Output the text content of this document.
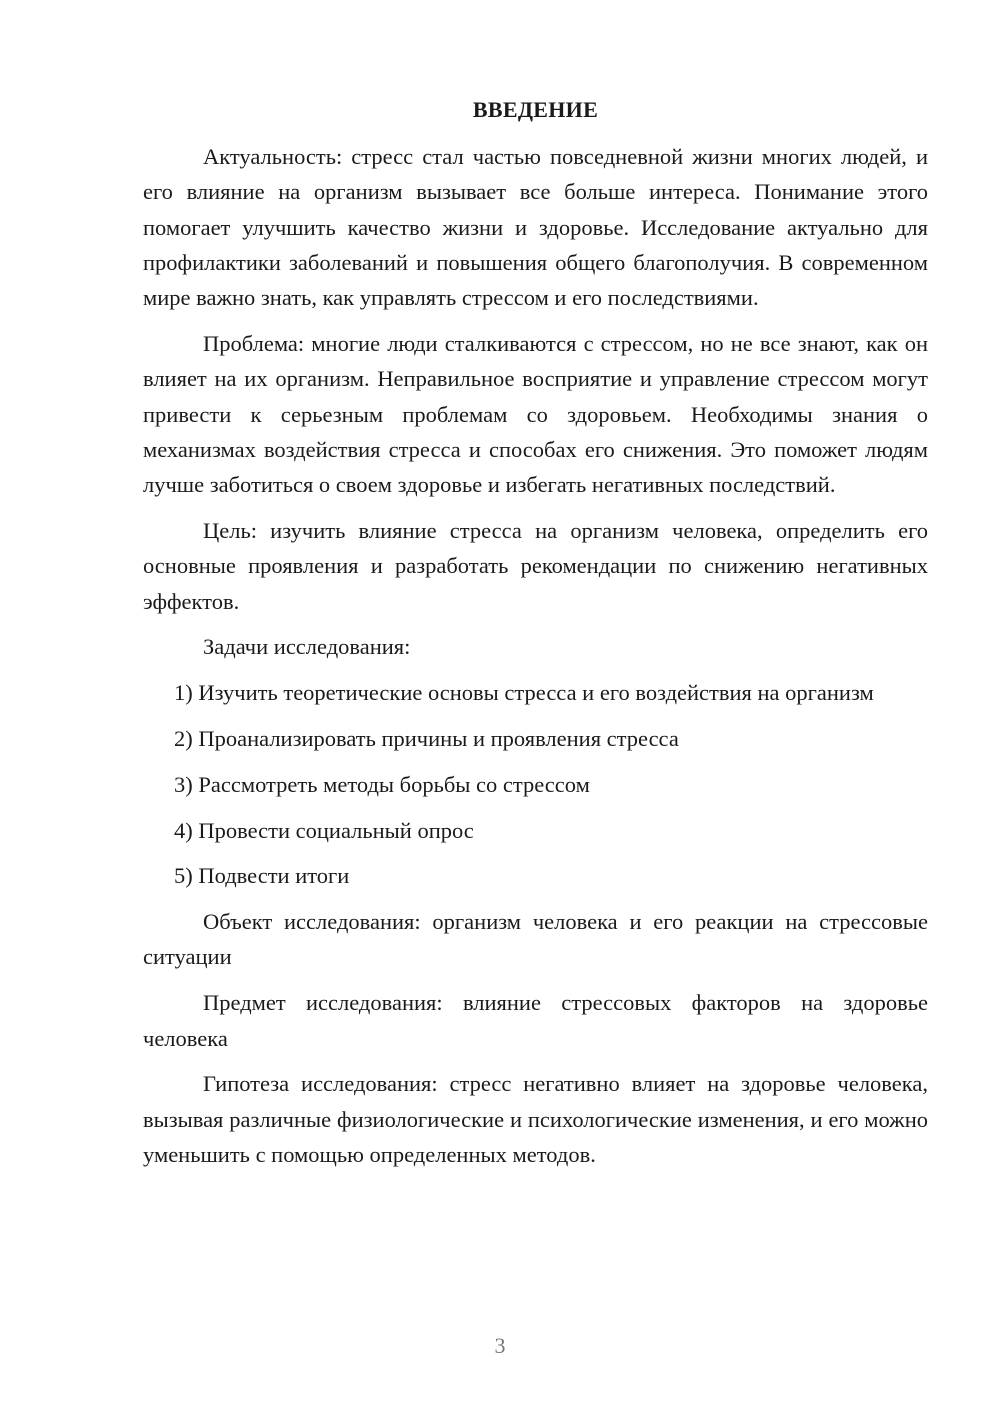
ВВЕДЕНИЕ

Актуальность: стресс стал частью повседневной жизни многих людей, и его влияние на организм вызывает все больше интереса. Понимание этого помогает улучшить качество жизни и здоровье. Исследование актуально для профилактики заболеваний и повышения общего благополучия. В современном мире важно знать, как управлять стрессом и его последствиями.

Проблема: многие люди сталкиваются с стрессом, но не все знают, как он влияет на их организм. Неправильное восприятие и управление стрессом могут привести к серьезным проблемам со здоровьем. Необходимы знания о механизмах воздействия стресса и способах его снижения. Это поможет людям лучше заботиться о своем здоровье и избегать негативных последствий.

Цель: изучить влияние стресса на организм человека, определить его основные проявления и разработать рекомендации по снижению негативных эффектов.

Задачи исследования:

1) Изучить теоретические основы стресса и его воздействия на организм

2) Проанализировать причины и проявления стресса

3) Рассмотреть методы борьбы со стрессом

4) Провести социальный опрос

5) Подвести итоги

Объект исследования: организм человека и его реакции на стрессовые ситуации

Предмет исследования: влияние стрессовых факторов на здоровье человека

Гипотеза исследования: стресс негативно влияет на здоровье человека, вызывая различные физиологические и психологические изменения, и его можно уменьшить с помощью определенных методов.

3
